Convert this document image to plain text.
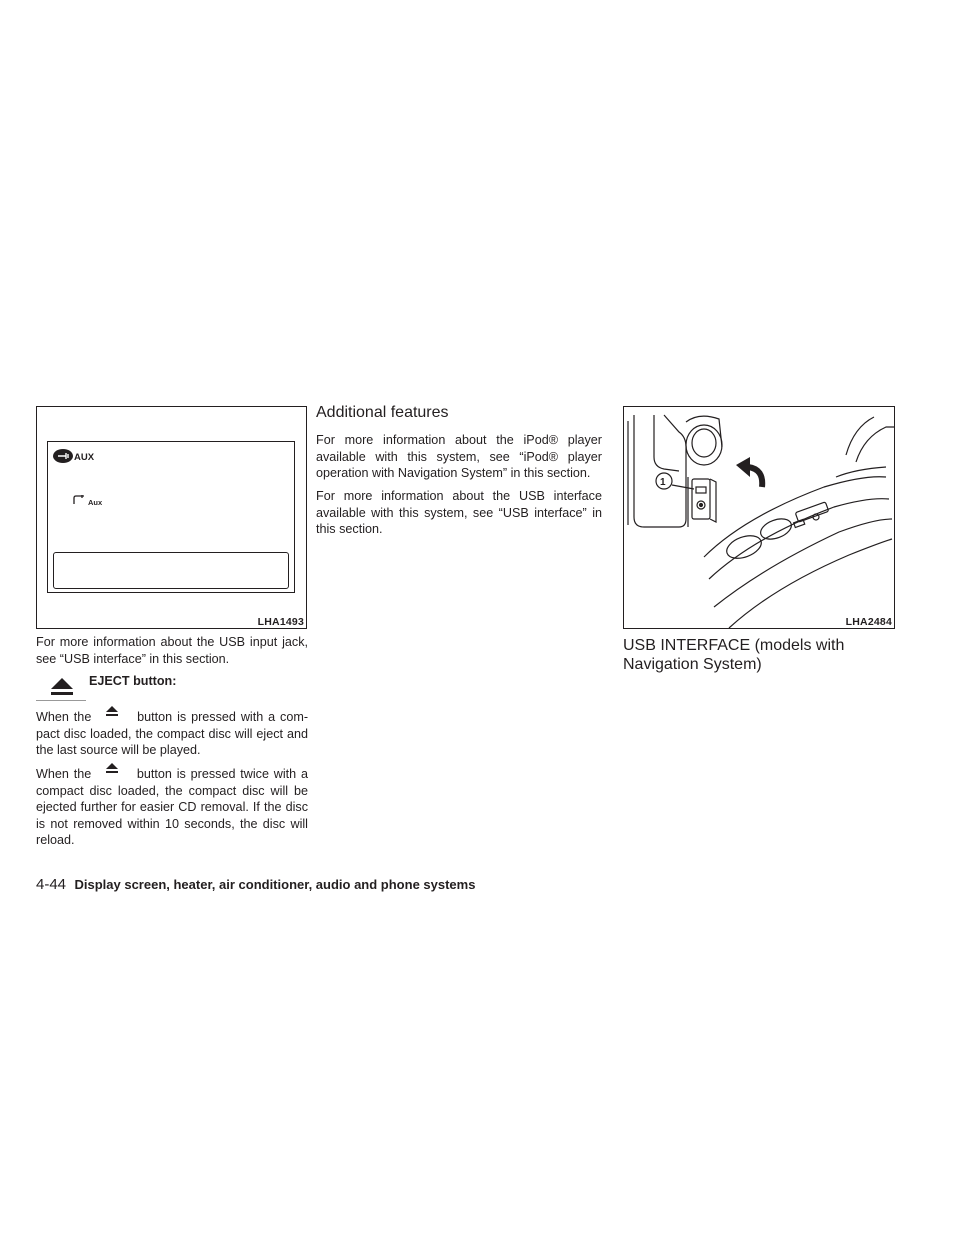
AUX
Aux
LHA1493

For more information about the USB input jack, see “USB interface” in this section.

EJECT button:

When the	button is pressed with a com-pact disc loaded, the compact disc will eject and the last source will be played.

When the	button is pressed twice with a compact disc loaded, the compact disc will be ejected further for easier CD removal. If the disc is not removed within 10 seconds, the disc will reload.

Additional features

For more information about the iPod® player available with this system, see “iPod® player operation with Navigation System” in this section.

For more information about the USB interface available with this system, see “USB interface” in this section.

1
LHA2484
USB INTERFACE (models with Navigation System)
4-44 Display screen, heater, air conditioner, audio and phone systems
